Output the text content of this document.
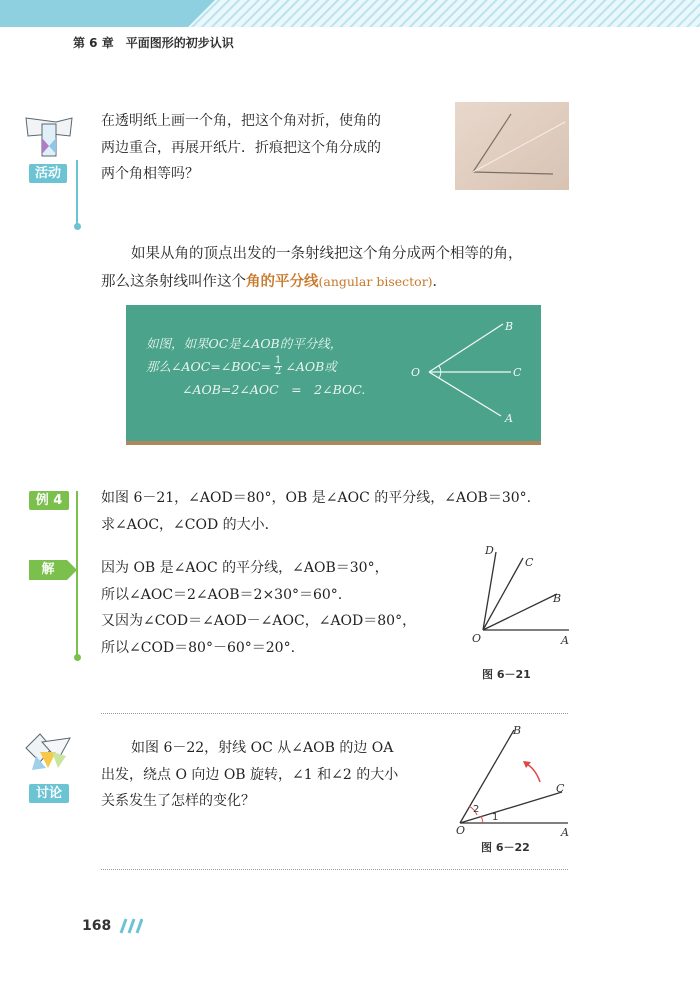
第 6 章　平面图形的初步认识
活动
在透明纸上画一个角，把这个角对折，使角的
两边重合，再展开纸片．折痕把这个角分成的
两个角相等吗？
如果从角的顶点出发的一条射线把这个角分成两个相等的角，
那么这条射线叫作这个角的平分线(angular bisector)．
如图，如果OC是∠AOB的平分线，
那么∠AOC=∠BOC= $\frac{1}{2}$ ∠AOB或
∠AOB=2∠AOC　=　2∠BOC.
O
B
C
A
例 4	如图 6－21，∠AOD＝80°，OB 是∠AOC 的平分线，∠AOB＝30°.
求∠AOC，∠COD 的大小．
解	因为 OB 是∠AOC 的平分线，∠AOB＝30°，
所以∠AOC＝2∠AOB＝2×30°＝60°.
又因为∠COD＝∠AOD－∠AOC，∠AOD＝80°，
所以∠COD＝80°－60°＝20°.
D
C
B
O	A
图 6－21
讨论
如图 6－22，射线 OC 从∠AOB 的边 OA
出发，绕点 O 向边 OB 旋转，∠1 和∠2 的大小
关系发生了怎样的变化？
B
C
O	A
2
1
图 6－22
168
